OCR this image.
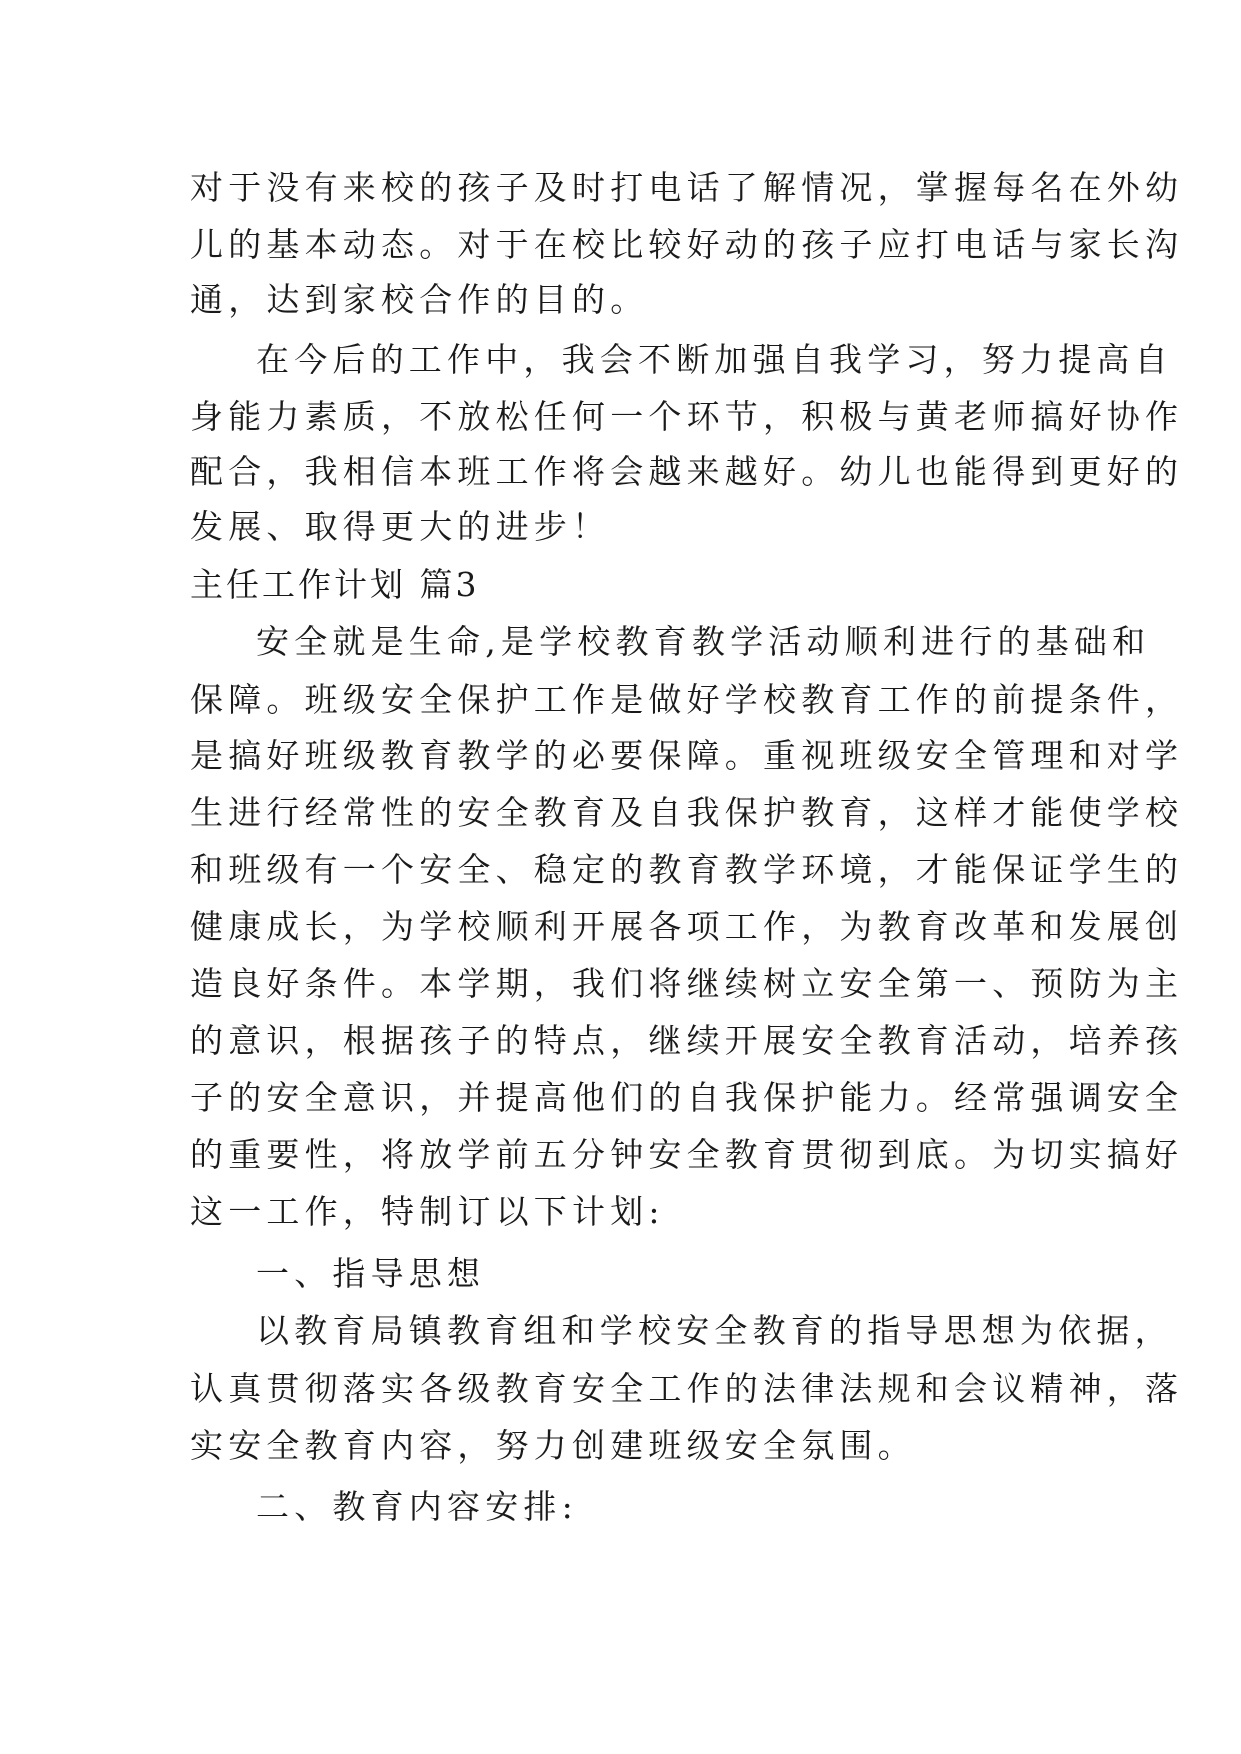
对于没有来校的孩子及时打电话了解情况，掌握每名在外幼
儿的基本动态。对于在校比较好动的孩子应打电话与家长沟
通，达到家校合作的目的。
在今后的工作中，我会不断加强自我学习，努力提高自
身能力素质，不放松任何一个环节，积极与黄老师搞好协作
配合，我相信本班工作将会越来越好。幼儿也能得到更好的
发展、取得更大的进步！
主任工作计划 篇3
安全就是生命,是学校教育教学活动顺利进行的基础和
保障。班级安全保护工作是做好学校教育工作的前提条件，
是搞好班级教育教学的必要保障。重视班级安全管理和对学
生进行经常性的安全教育及自我保护教育，这样才能使学校
和班级有一个安全、稳定的教育教学环境，才能保证学生的
健康成长，为学校顺利开展各项工作，为教育改革和发展创
造良好条件。本学期，我们将继续树立安全第一、预防为主
的意识，根据孩子的特点，继续开展安全教育活动，培养孩
子的安全意识，并提高他们的自我保护能力。经常强调安全
的重要性，将放学前五分钟安全教育贯彻到底。为切实搞好
这一工作，特制订以下计划:
一、指导思想
以教育局镇教育组和学校安全教育的指导思想为依据，
认真贯彻落实各级教育安全工作的法律法规和会议精神，落
实安全教育内容，努力创建班级安全氛围。
二、教育内容安排:
